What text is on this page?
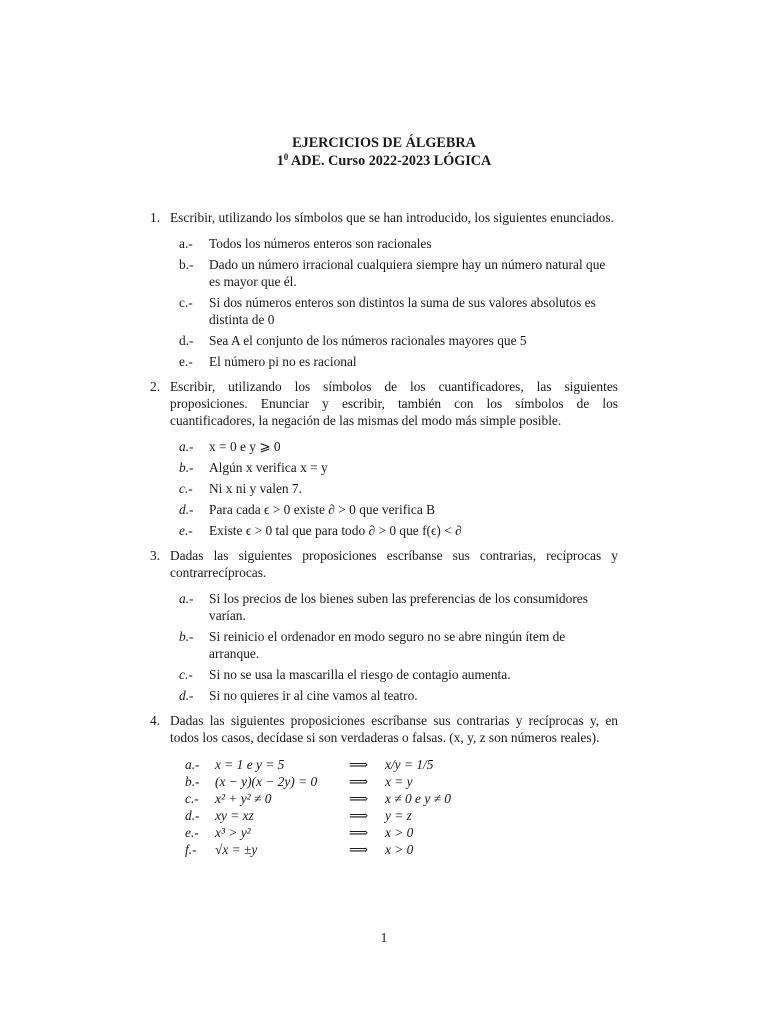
EJERCICIOS DE ÁLGEBRA
$1^0$ ADE. Curso 2022-2023 LÓGICA
1. Escribir, utilizando los símbolos que se han introducido, los siguientes enunciados.
a.- Todos los números enteros son racionales
b.- Dado un número irracional cualquiera siempre hay un número natural que es mayor que él.
c.- Si dos números enteros son distintos la suma de sus valores absolutos es distinta de 0
d.- Sea A el conjunto de los números racionales mayores que 5
e.- El número pi no es racional
2. Escribir, utilizando los símbolos de los cuantificadores, las siguientes proposiciones. Enunciar y escribir, también con los símbolos de los cuantificadores, la negación de las mismas del modo más simple posible.
a.- x = 0 e y ⩾ 0
b.- Algún x verifica x = y
c.- Ni x ni y valen 7.
d.- Para cada ϵ > 0 existe ∂ > 0 que verifica B
e.- Existe ϵ > 0 tal que para todo ∂ > 0 que f(ϵ) < ∂
3. Dadas las siguientes proposiciones escríbanse sus contrarias, recíprocas y contrarrecíprocas.
a.- Si los precios de los bienes suben las preferencias de los consumidores varían.
b.- Si reinicio el ordenador en modo seguro no se abre ningún ítem de arranque.
c.- Si no se usa la mascarilla el riesgo de contagio aumenta.
d.- Si no quieres ir al cine vamos al teatro.
4. Dadas las siguientes proposiciones escríbanse sus contrarias y recíprocas y, en todos los casos, decídase si son verdaderas o falsas. (x, y, z son números reales).
a.-	x = 1 e y = 5	⟹	x/y = 1/5
b.-	(x − y)(x − 2y) = 0	⟹	x = y
c.-	x² + y² ≠ 0	⟹	x ≠ 0 e y ≠ 0
d.-	xy = xz	⟹	y = z
e.-	x³ > y²	⟹	x > 0
f.-	√x = ±y	⟹	x > 0
1
